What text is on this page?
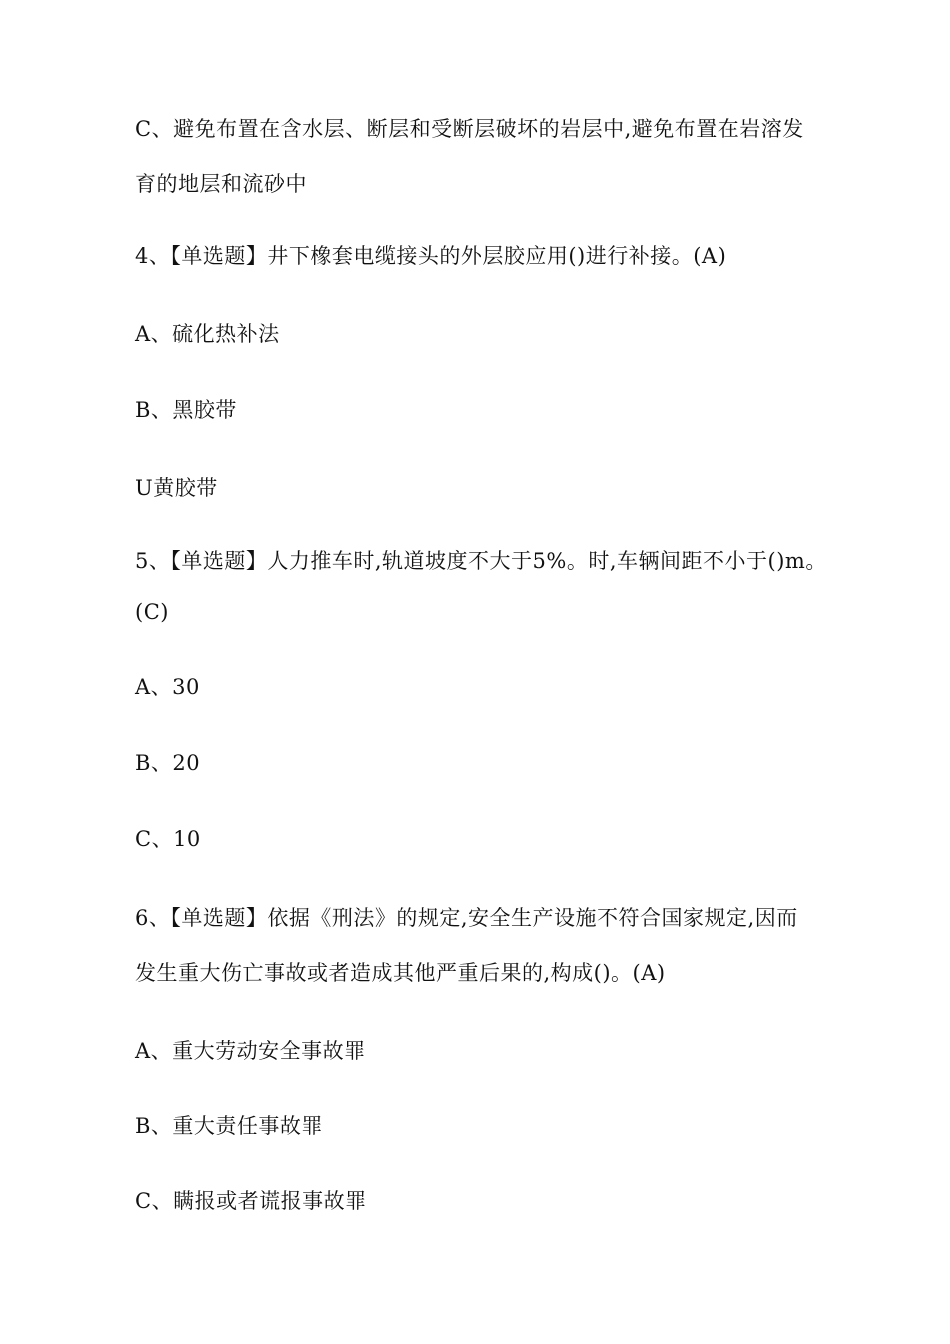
C、避免布置在含水层、断层和受断层破坏的岩层中,避免布置在岩溶发

育的地层和流砂中

4、【单选题】井下橡套电缆接头的外层胶应用()进行补接。(A)

A、硫化热补法

B、黑胶带

U黄胶带

5、【单选题】人力推车时,轨道坡度不大于5%。时,车辆间距不小于()m。

(C)

A、30

B、20

C、10

6、【单选题】依据《刑法》的规定,安全生产设施不符合国家规定,因而

发生重大伤亡事故或者造成其他严重后果的,构成()。(A)

A、重大劳动安全事故罪

B、重大责任事故罪

C、瞒报或者谎报事故罪
